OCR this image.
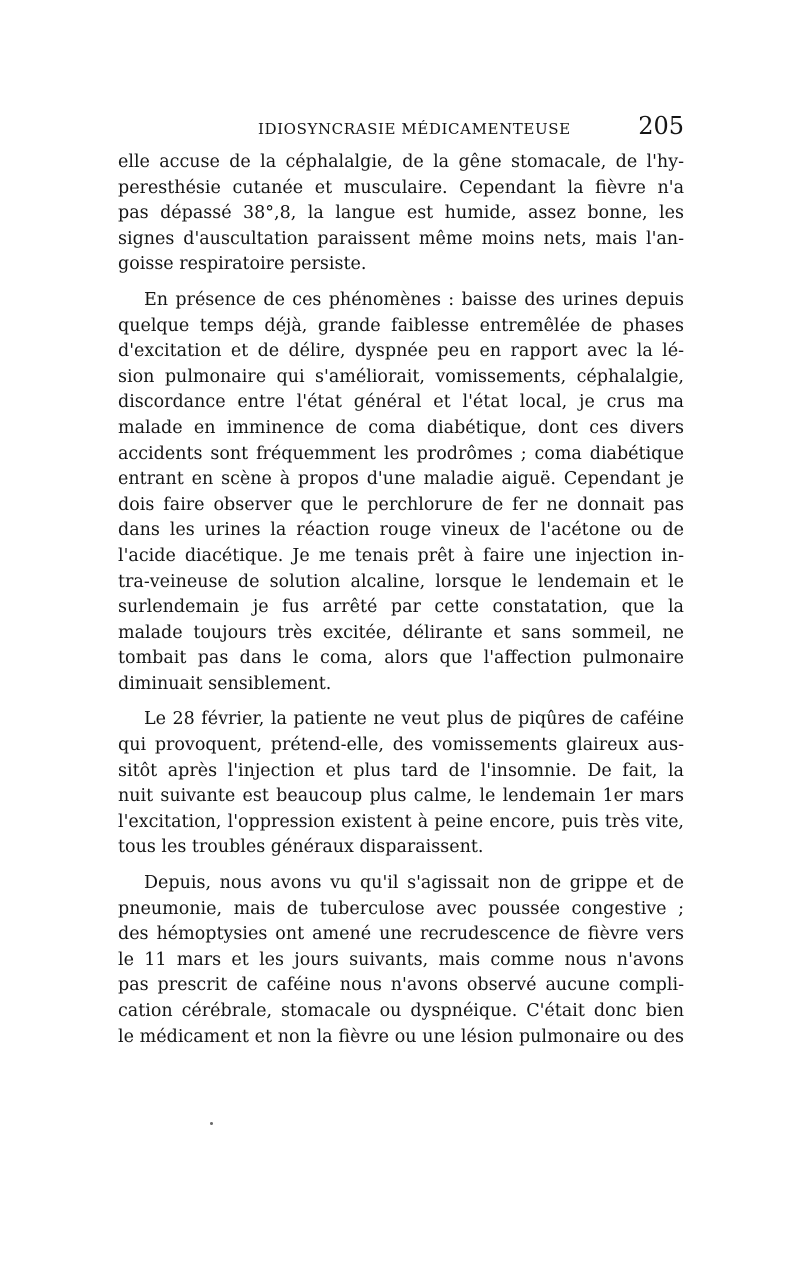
IDIOSYNCRASIE MÉDICAMENTEUSE	205
elle accuse de la céphalalgie, de la gêne stomacale, de l'hy-
peresthésie cutanée et musculaire. Cependant la fièvre n'a
pas dépassé 38°,8, la langue est humide, assez bonne, les
signes d'auscultation paraissent même moins nets, mais l'an-
goisse respiratoire persiste.
En présence de ces phénomènes : baisse des urines depuis
quelque temps déjà, grande faiblesse entremêlée de phases
d'excitation et de délire, dyspnée peu en rapport avec la lé-
sion pulmonaire qui s'améliorait, vomissements, céphalalgie,
discordance entre l'état général et l'état local, je crus ma
malade en imminence de coma diabétique, dont ces divers
accidents sont fréquemment les prodrômes ; coma diabétique
entrant en scène à propos d'une maladie aiguë. Cependant je
dois faire observer que le perchlorure de fer ne donnait pas
dans les urines la réaction rouge vineux de l'acétone ou de
l'acide diacétique. Je me tenais prêt à faire une injection in-
tra-veineuse de solution alcaline, lorsque le lendemain et le
surlendemain je fus arrêté par cette constatation, que la
malade toujours très excitée, délirante et sans sommeil, ne
tombait pas dans le coma, alors que l'affection pulmonaire
diminuait sensiblement.
Le 28 février, la patiente ne veut plus de piqûres de caféine
qui provoquent, prétend-elle, des vomissements glaireux aus-
sitôt après l'injection et plus tard de l'insomnie. De fait, la
nuit suivante est beaucoup plus calme, le lendemain 1er mars
l'excitation, l'oppression existent à peine encore, puis très vite,
tous les troubles généraux disparaissent.
Depuis, nous avons vu qu'il s'agissait non de grippe et de
pneumonie, mais de tuberculose avec poussée congestive ;
des hémoptysies ont amené une recrudescence de fièvre vers
le 11 mars et les jours suivants, mais comme nous n'avons
pas prescrit de caféine nous n'avons observé aucune compli-
cation cérébrale, stomacale ou dyspnéique. C'était donc bien
le médicament et non la fièvre ou une lésion pulmonaire ou des
